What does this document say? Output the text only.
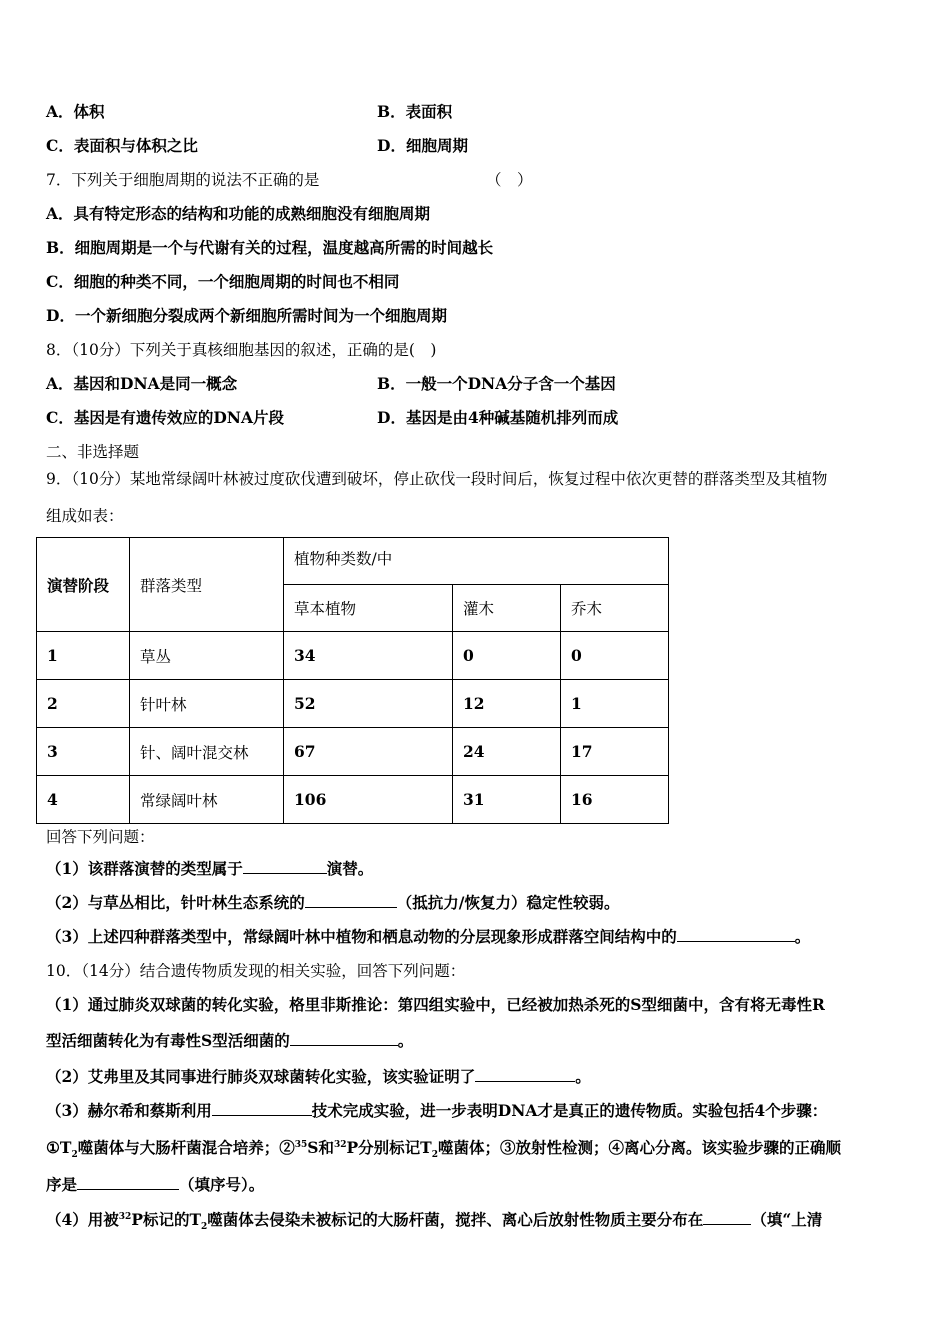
A．体积	B．表面积
C．表面积与体积之比	D．细胞周期
7．下列关于细胞周期的说法不正确的是	（　）
A．具有特定形态的结构和功能的成熟细胞没有细胞周期
B．细胞周期是一个与代谢有关的过程，温度越高所需的时间越长
C．细胞的种类不同，一个细胞周期的时间也不相同
D．一个新细胞分裂成两个新细胞所需时间为一个细胞周期
8．（10分）下列关于真核细胞基因的叙述，正确的是(　)
A．基因和DNA是同一概念	B．一般一个DNA分子含一个基因
C．基因是有遗传效应的DNA片段	D．基因是由4种碱基随机排列而成
二、非选择题
9．（10分）某地常绿阔叶林被过度砍伐遭到破坏，停止砍伐一段时间后，恢复过程中依次更替的群落类型及其植物
组成如表：
演替阶段	群落类型	植物种类数/中		
		草本植物	灌木	乔木
1	草丛	34	0	0
2	针叶林	52	12	1
3	针、阔叶混交林	67	24	17
4	常绿阔叶林	106	31	16
回答下列问题：
（1）该群落演替的类型属于	演替。
（2）与草丛相比，针叶林生态系统的	（抵抗力/恢复力）稳定性较弱。
（3）上述四种群落类型中，常绿阔叶林中植物和栖息动物的分层现象形成群落空间结构中的	。
10．（14分）结合遗传物质发现的相关实验，回答下列问题：
（1）通过肺炎双球菌的转化实验，格里非斯推论：第四组实验中，已经被加热杀死的S型细菌中，含有将无毒性R
型活细菌转化为有毒性S型活细菌的	。
（2）艾弗里及其同事进行肺炎双球菌转化实验，该实验证明了	。
（3）赫尔希和蔡斯利用	技术完成实验，进一步表明DNA才是真正的遗传物质。实验包括4个步骤：
$①T_2$噬菌体与大肠杆菌混合培养；②$^{35}$S和$^{32}$P分别标记$T_2$噬菌体；③放射性检测；④离心分离。该实验步骤的正确顺
序是	（填序号）。
（4）用被$^{32}$P标记的$T_2$噬菌体去侵染未被标记的大肠杆菌，搅拌、离心后放射性物质主要分布在	（填“上清
